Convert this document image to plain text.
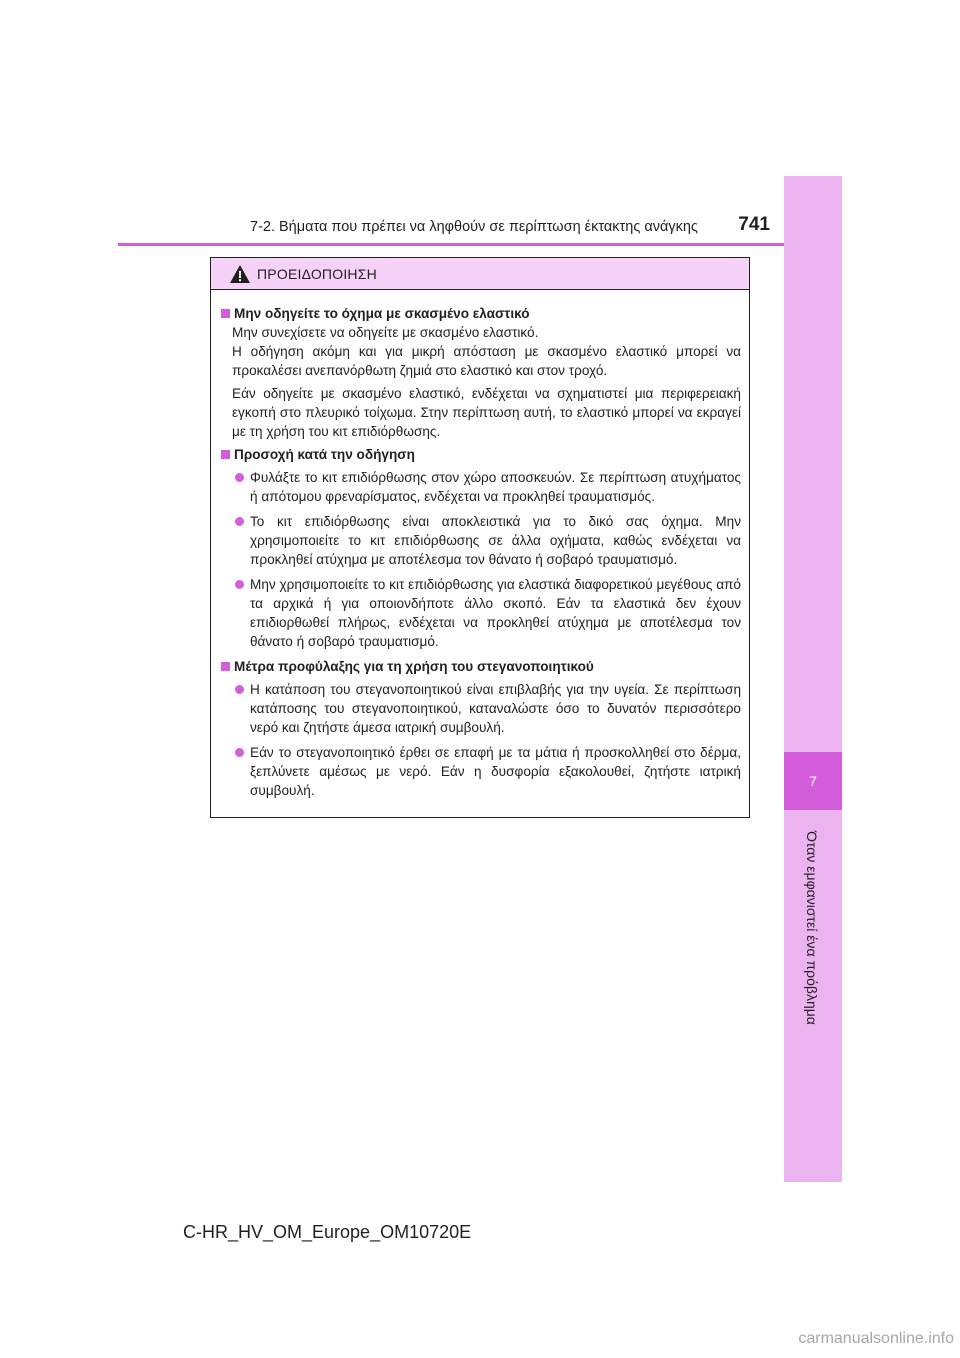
7
Όταν εμφανιστεί ένα πρόβλημα
7-2. Βήματα που πρέπει να ληφθούν σε περίπτωση έκτακτης ανάγκης 741
ΠΡΟΕΙΔΟΠΟΙΗΣΗ
Μην οδηγείτε το όχημα με σκασμένο ελαστικό
Μην συνεχίσετε να οδηγείτε με σκασμένο ελαστικό.
Η οδήγηση ακόμη και για μικρή απόσταση με σκασμένο ελαστικό μπορεί να προκαλέσει ανεπανόρθωτη ζημιά στο ελαστικό και στον τροχό.
Εάν οδηγείτε με σκασμένο ελαστικό, ενδέχεται να σχηματιστεί μια περιφερειακή εγκοπή στο πλευρικό τοίχωμα. Στην περίπτωση αυτή, το ελαστικό μπορεί να εκραγεί με τη χρήση του κιτ επιδιόρθωσης.
Προσοχή κατά την οδήγηση
Φυλάξτε το κιτ επιδιόρθωσης στον χώρο αποσκευών. Σε περίπτωση ατυχήματος ή απότομου φρεναρίσματος, ενδέχεται να προκληθεί τραυματισμός.
Το κιτ επιδιόρθωσης είναι αποκλειστικά για το δικό σας όχημα. Μην χρησιμοποιείτε το κιτ επιδιόρθωσης σε άλλα οχήματα, καθώς ενδέχεται να προκληθεί ατύχημα με αποτέλεσμα τον θάνατο ή σοβαρό τραυματισμό.
Μην χρησιμοποιείτε το κιτ επιδιόρθωσης για ελαστικά διαφορετικού μεγέθους από τα αρχικά ή για οποιονδήποτε άλλο σκοπό. Εάν τα ελαστικά δεν έχουν επιδιορθωθεί πλήρως, ενδέχεται να προκληθεί ατύχημα με αποτέλεσμα τον θάνατο ή σοβαρό τραυματισμό.
Μέτρα προφύλαξης για τη χρήση του στεγανοποιητικού
Η κατάποση του στεγανοποιητικού είναι επιβλαβής για την υγεία. Σε περίπτωση κατάποσης του στεγανοποιητικού, καταναλώστε όσο το δυνατόν περισσότερο νερό και ζητήστε άμεσα ιατρική συμβουλή.
Εάν το στεγανοποιητικό έρθει σε επαφή με τα μάτια ή προσκολληθεί στο δέρμα, ξεπλύνετε αμέσως με νερό. Εάν η δυσφορία εξακολουθεί, ζητήστε ιατρική συμβουλή.
C-HR_HV_OM_Europe_OM10720E
carmanualsonline.info
